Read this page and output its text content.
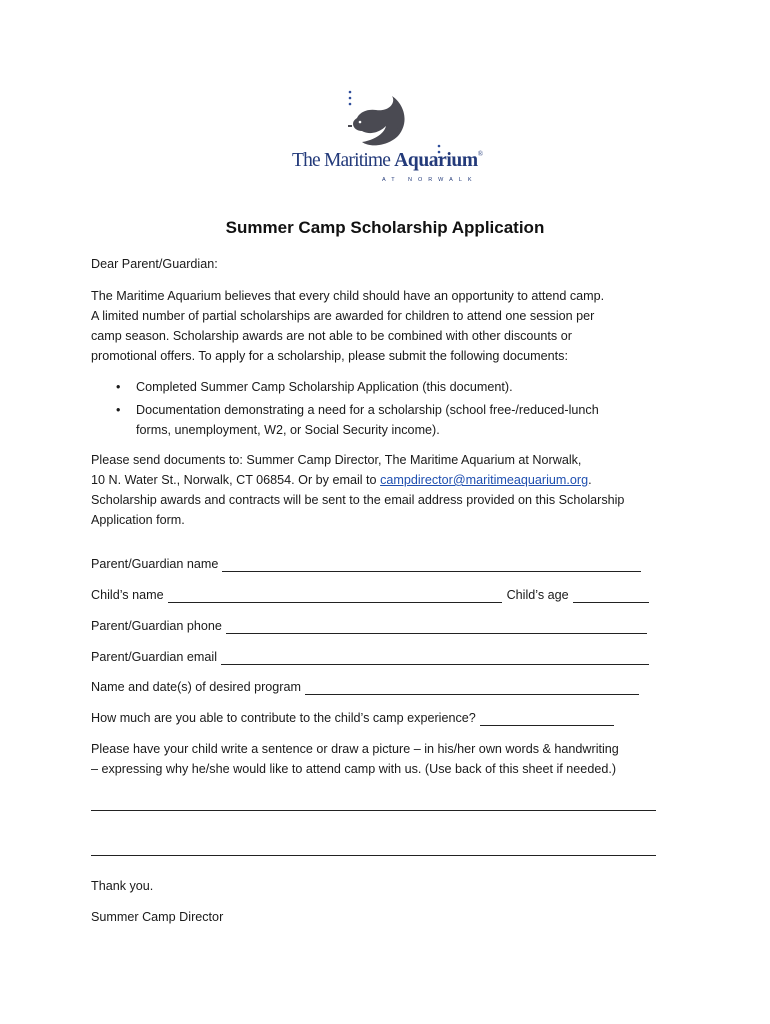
The Maritime Aquarium®
AT NORWALK
Summer Camp Scholarship Application
Dear Parent/Guardian:
The Maritime Aquarium believes that every child should have an opportunity to attend camp.
A limited number of partial scholarships are awarded for children to attend one session per
camp season. Scholarship awards are not able to be combined with other discounts or
promotional offers. To apply for a scholarship, please submit the following documents:
• Completed Summer Camp Scholarship Application (this document).
• Documentation demonstrating a need for a scholarship (school free-/reduced-lunch
forms, unemployment, W2, or Social Security income).
Please send documents to: Summer Camp Director, The Maritime Aquarium at Norwalk,
10 N. Water St., Norwalk, CT 06854. Or by email to campdirector@maritimeaquarium.org.
Scholarship awards and contracts will be sent to the email address provided on this Scholarship
Application form.
Parent/Guardian name
Child’s name	Child’s age
Parent/Guardian phone
Parent/Guardian email
Name and date(s) of desired program
How much are you able to contribute to the child’s camp experience?
Please have your child write a sentence or draw a picture – in his/her own words & handwriting
– expressing why he/she would like to attend camp with us. (Use back of this sheet if needed.)
Thank you.
Summer Camp Director
